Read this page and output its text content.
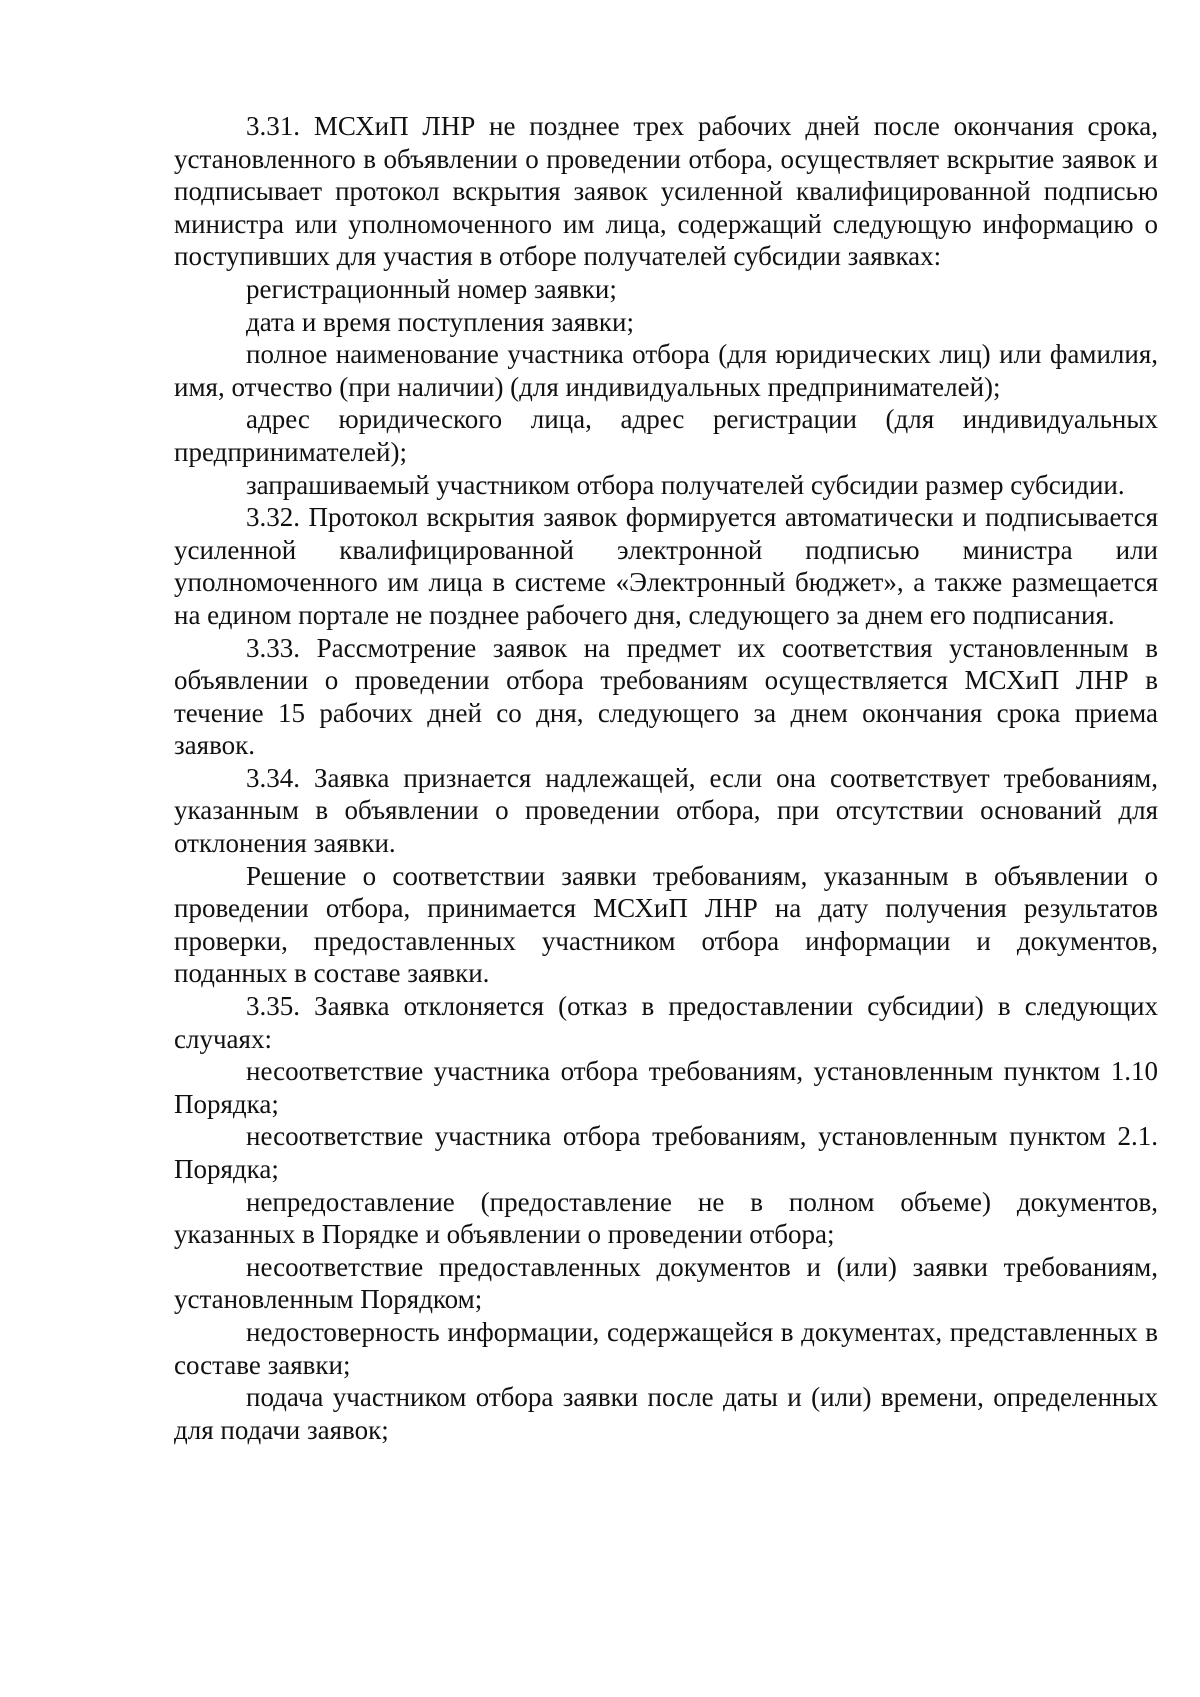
3.31. МСХиП ЛНР не позднее трех рабочих дней после окончания срока, установленного в объявлении о проведении отбора, осуществляет вскрытие заявок и подписывает протокол вскрытия заявок усиленной квалифицированной подписью министра или уполномоченного им лица, содержащий следующую информацию о поступивших для участия в отборе получателей субсидии заявках:

регистрационный номер заявки;

дата и время поступления заявки;

полное наименование участника отбора (для юридических лиц) или фамилия, имя, отчество (при наличии) (для индивидуальных предпринимателей);

адрес юридического лица, адрес регистрации (для индивидуальных предпринимателей);

запрашиваемый участником отбора получателей субсидии размер субсидии.

3.32. Протокол вскрытия заявок формируется автоматически и подписывается усиленной квалифицированной электронной подписью министра или уполномоченного им лица в системе «Электронный бюджет», а также размещается на едином портале не позднее рабочего дня, следующего за днем его подписания.

3.33. Рассмотрение заявок на предмет их соответствия установленным в объявлении о проведении отбора требованиям осуществляется МСХиП ЛНР в течение 15 рабочих дней со дня, следующего за днем окончания срока приема заявок.

3.34. Заявка признается надлежащей, если она соответствует требованиям, указанным в объявлении о проведении отбора, при отсутствии оснований для отклонения заявки.

Решение о соответствии заявки требованиям, указанным в объявлении о проведении отбора, принимается МСХиП ЛНР на дату получения результатов проверки, предоставленных участником отбора информации и документов, поданных в составе заявки.

3.35. Заявка отклоняется (отказ в предоставлении субсидии) в следующих случаях:

несоответствие участника отбора требованиям, установленным пунктом 1.10 Порядка;

несоответствие участника отбора требованиям, установленным пунктом 2.1. Порядка;

непредоставление (предоставление не в полном объеме) документов, указанных в Порядке и объявлении о проведении отбора;

несоответствие предоставленных документов и (или) заявки требованиям, установленным Порядком;

недостоверность информации, содержащейся в документах, представленных в составе заявки;

подача участником отбора заявки после даты и (или) времени, определенных для подачи заявок;
